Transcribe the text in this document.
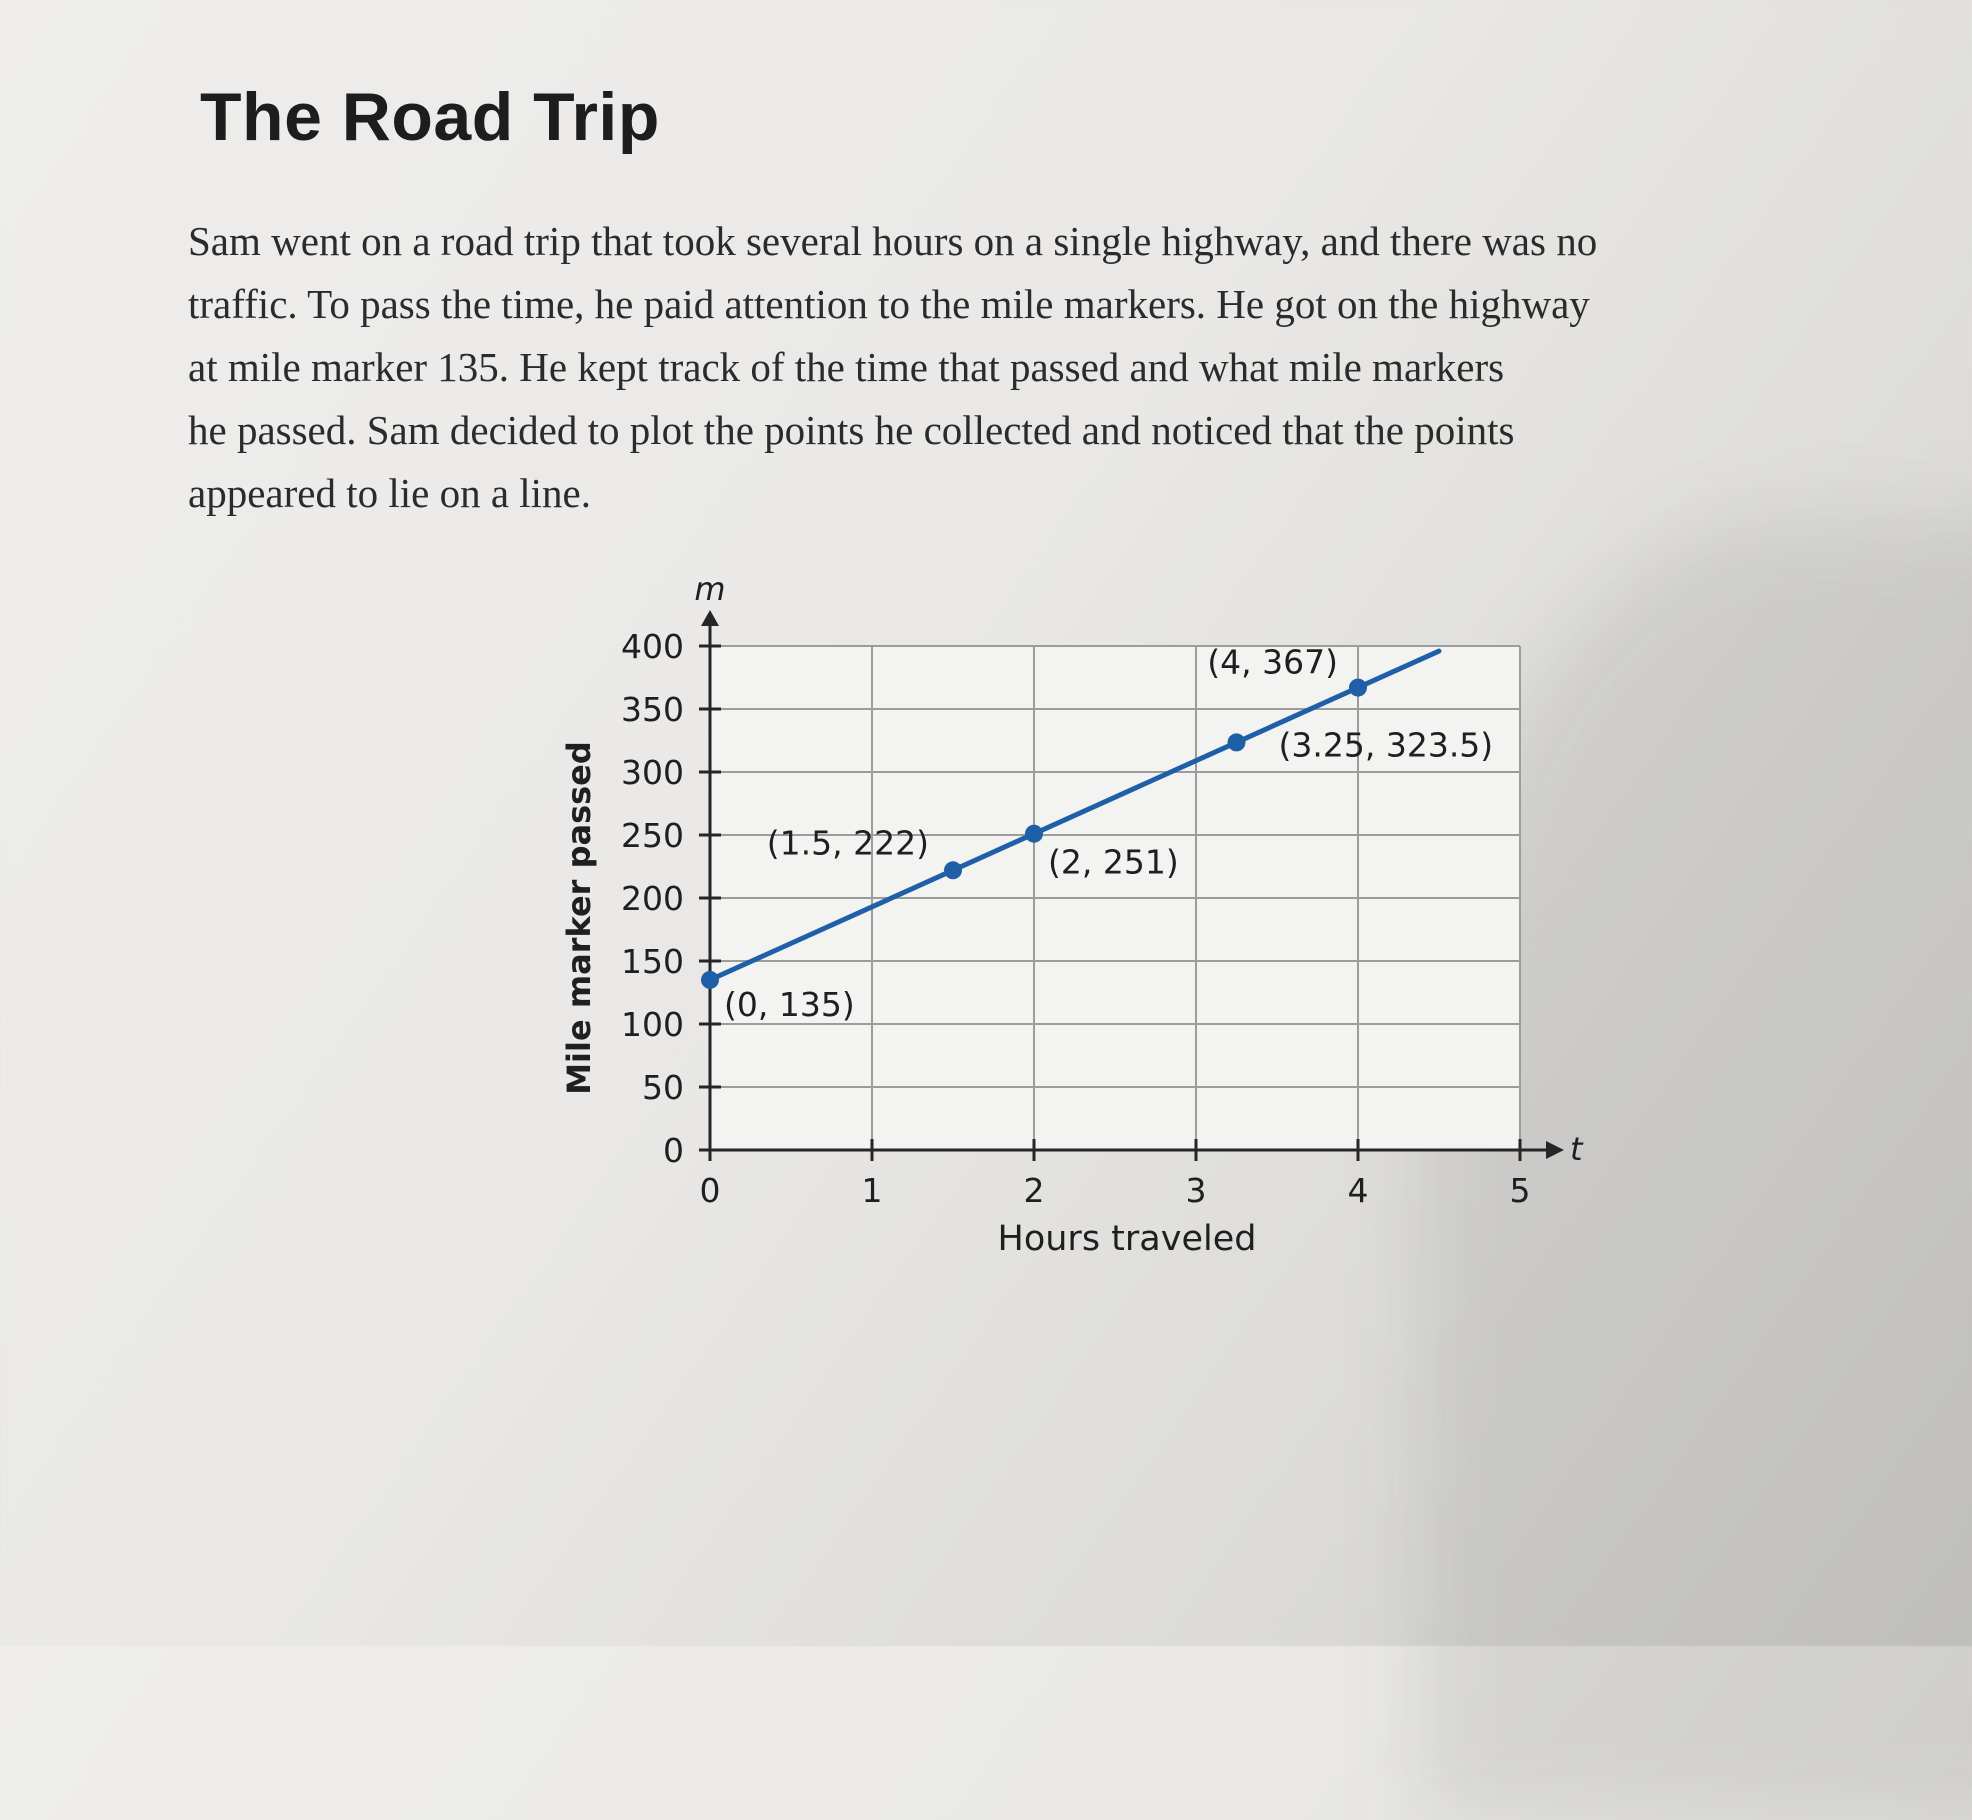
The Road Trip
Sam went on a road trip that took several hours on a single highway, and there was no
traffic. To pass the time, he paid attention to the mile markers. He got on the highway
at mile marker 135. He kept track of the time that passed and what mile markers
he passed. Sam decided to plot the points he collected and noticed that the points
appeared to lie on a line.
0
50
100
150
200
250
300
350
400
0	1	2	3	4	5
Mile marker passed
Hours traveled
m
t
(0, 135)
(1.5, 222)	(2, 251)
(3.25, 323.5)
(4, 367)
